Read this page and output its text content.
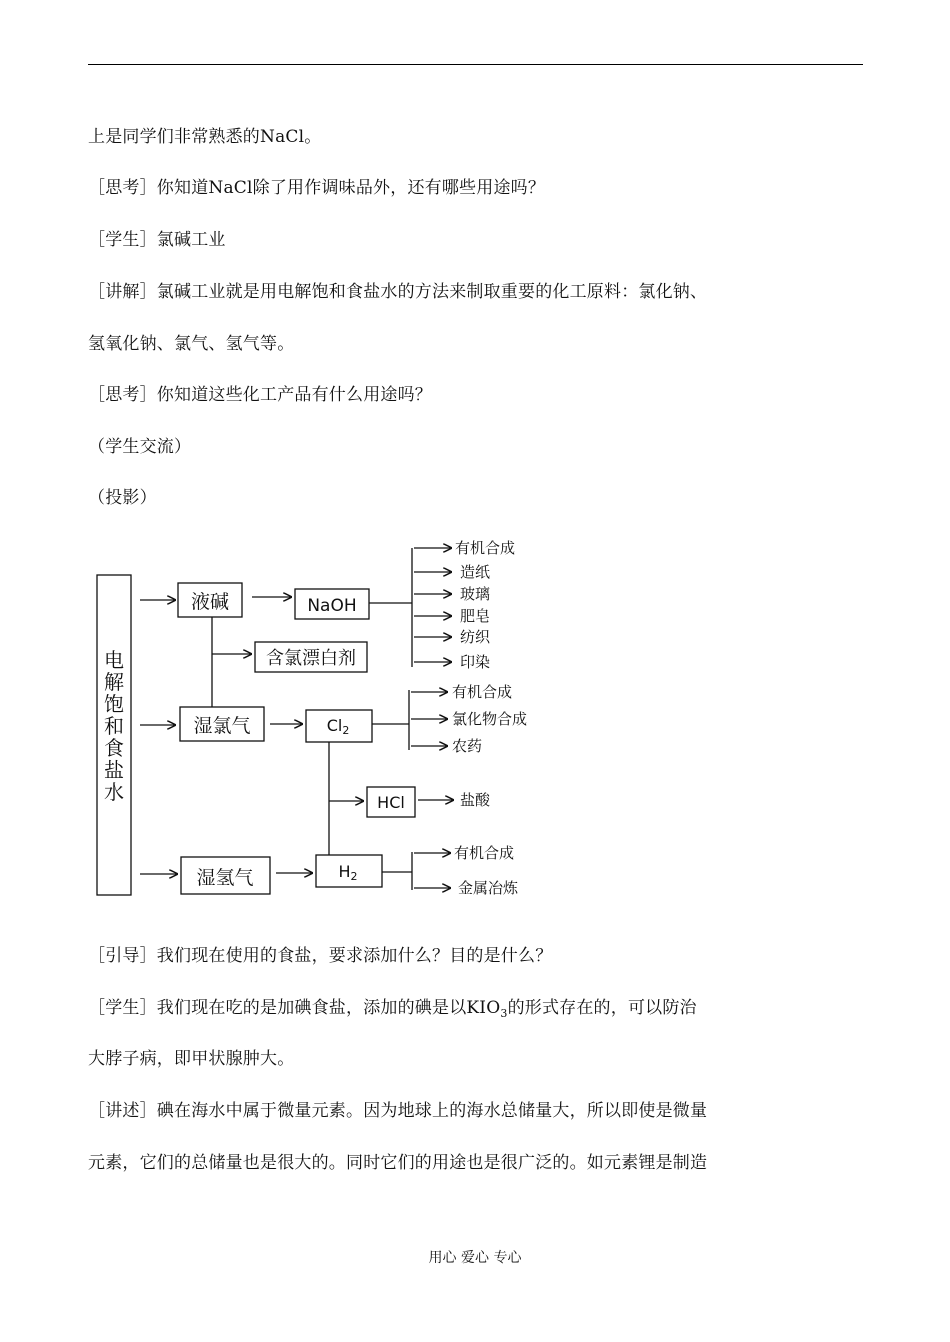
上是同学们非常熟悉的NaCl。
［思考］你知道NaCl除了用作调味品外，还有哪些用途吗？
［学生］氯碱工业
［讲解］氯碱工业就是用电解饱和食盐水的方法来制取重要的化工原料：氯化钠、
氢氧化钠、氯气、氢气等。
［思考］你知道这些化工产品有什么用途吗？
（学生交流）
（投影）
电
解
饱
和
食
盐
水
液碱	NaOH
含氯漂白剂
湿氯气	Cl2
HCl
湿氢气	H2
有机合成
造纸
玻璃
肥皂
纺织
印染
有机合成
氯化物合成
农药
盐酸
有机合成
金属冶炼
［引导］我们现在使用的食盐，要求添加什么？目的是什么？
［学生］我们现在吃的是加碘食盐，添加的碘是以$KIO_3$的形式存在的，可以防治
大脖子病，即甲状腺肿大。
［讲述］碘在海水中属于微量元素。因为地球上的海水总储量大，所以即使是微量
元素，它们的总储量也是很大的。同时它们的用途也是很广泛的。如元素锂是制造
用心 爱心 专心
